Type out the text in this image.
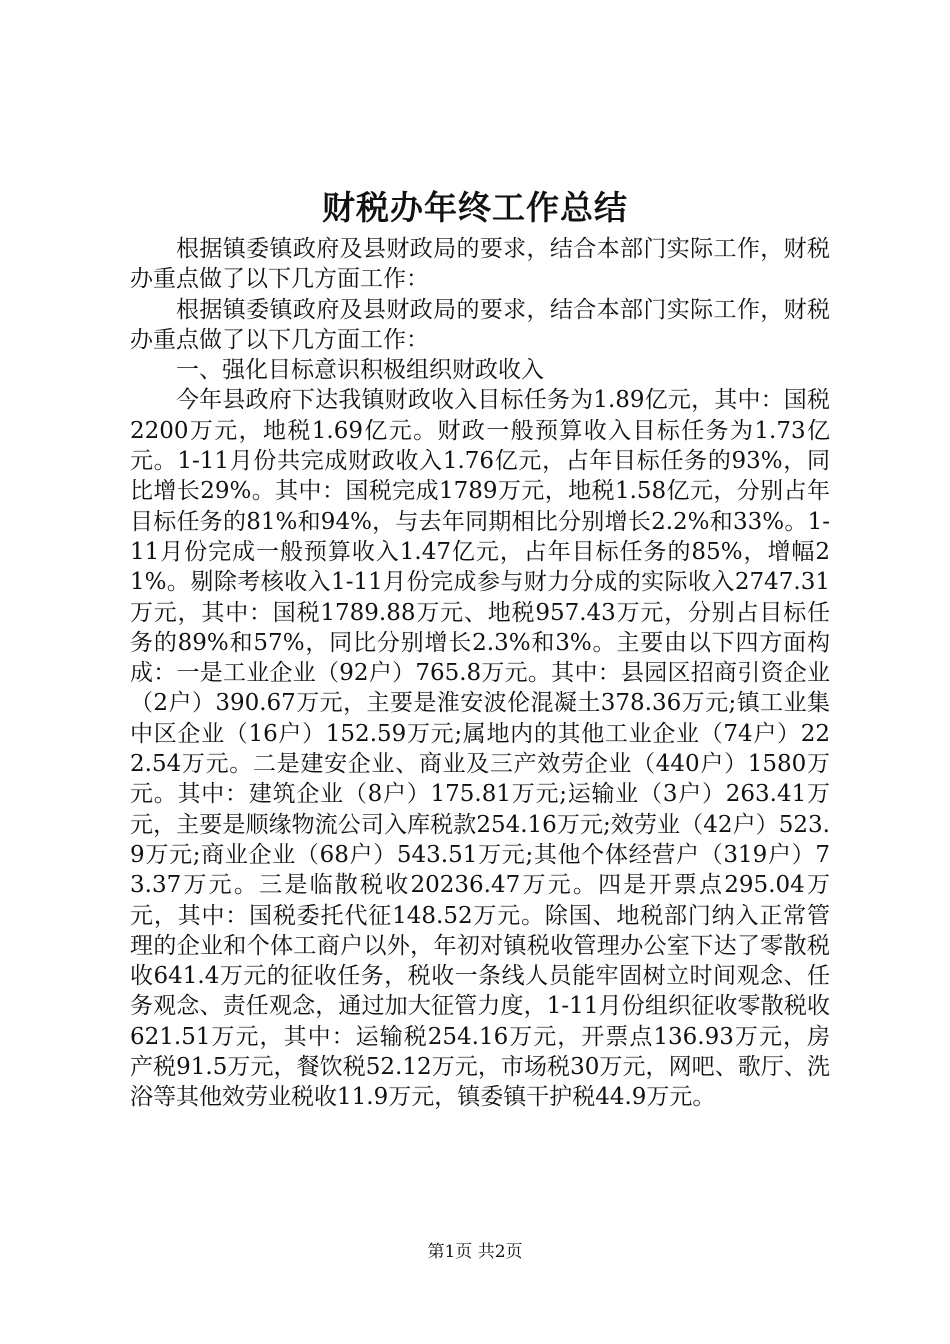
财税办年终工作总结

根据镇委镇政府及县财政局的要求，结合本部门实际工作，财税办重点做了以下几方面工作：

根据镇委镇政府及县财政局的要求，结合本部门实际工作，财税办重点做了以下几方面工作：

一、强化目标意识积极组织财政收入

今年县政府下达我镇财政收入目标任务为1.89亿元，其中：国税2200万元，地税1.69亿元。财政一般预算收入目标任务为1.73亿元。1-11月份共完成财政收入1.76亿元，占年目标任务的93%，同比增长29%。其中：国税完成1789万元，地税1.58亿元，分别占年目标任务的81%和94%，与去年同期相比分别增长2.2%和33%。1-11月份完成一般预算收入1.47亿元，占年目标任务的85%，增幅21%。剔除考核收入1-11月份完成参与财力分成的实际收入2747.31万元，其中：国税1789.88万元、地税957.43万元，分别占目标任务的89%和57%，同比分别增长2.3%和3%。主要由以下四方面构成：一是工业企业（92户）765.8万元。其中：县园区招商引资企业（2户）390.67万元，主要是淮安波伦混凝土378.36万元;镇工业集中区企业（16户）152.59万元;属地内的其他工业企业（74户）222.54万元。二是建安企业、商业及三产效劳企业（440户）1580万元。其中：建筑企业（8户）175.81万元;运输业（3户）263.41万元，主要是顺缘物流公司入库税款254.16万元;效劳业（42户）523.9万元;商业企业（68户）543.51万元;其他个体经营户（319户）73.37万元。三是临散税收20236.47万元。四是开票点295.04万元，其中：国税委托代征148.52万元。除国、地税部门纳入正常管理的企业和个体工商户以外，年初对镇税收管理办公室下达了零散税收641.4万元的征收任务，税收一条线人员能牢固树立时间观念、任务观念、责任观念，通过加大征管力度，1-11月份组织征收零散税收621.51万元，其中：运输税254.16万元，开票点136.93万元，房产税91.5万元，餐饮税52.12万元，市场税30万元，网吧、歌厅、洗浴等其他效劳业税收11.9万元，镇委镇干护税44.9万元。

第1页 共2页
